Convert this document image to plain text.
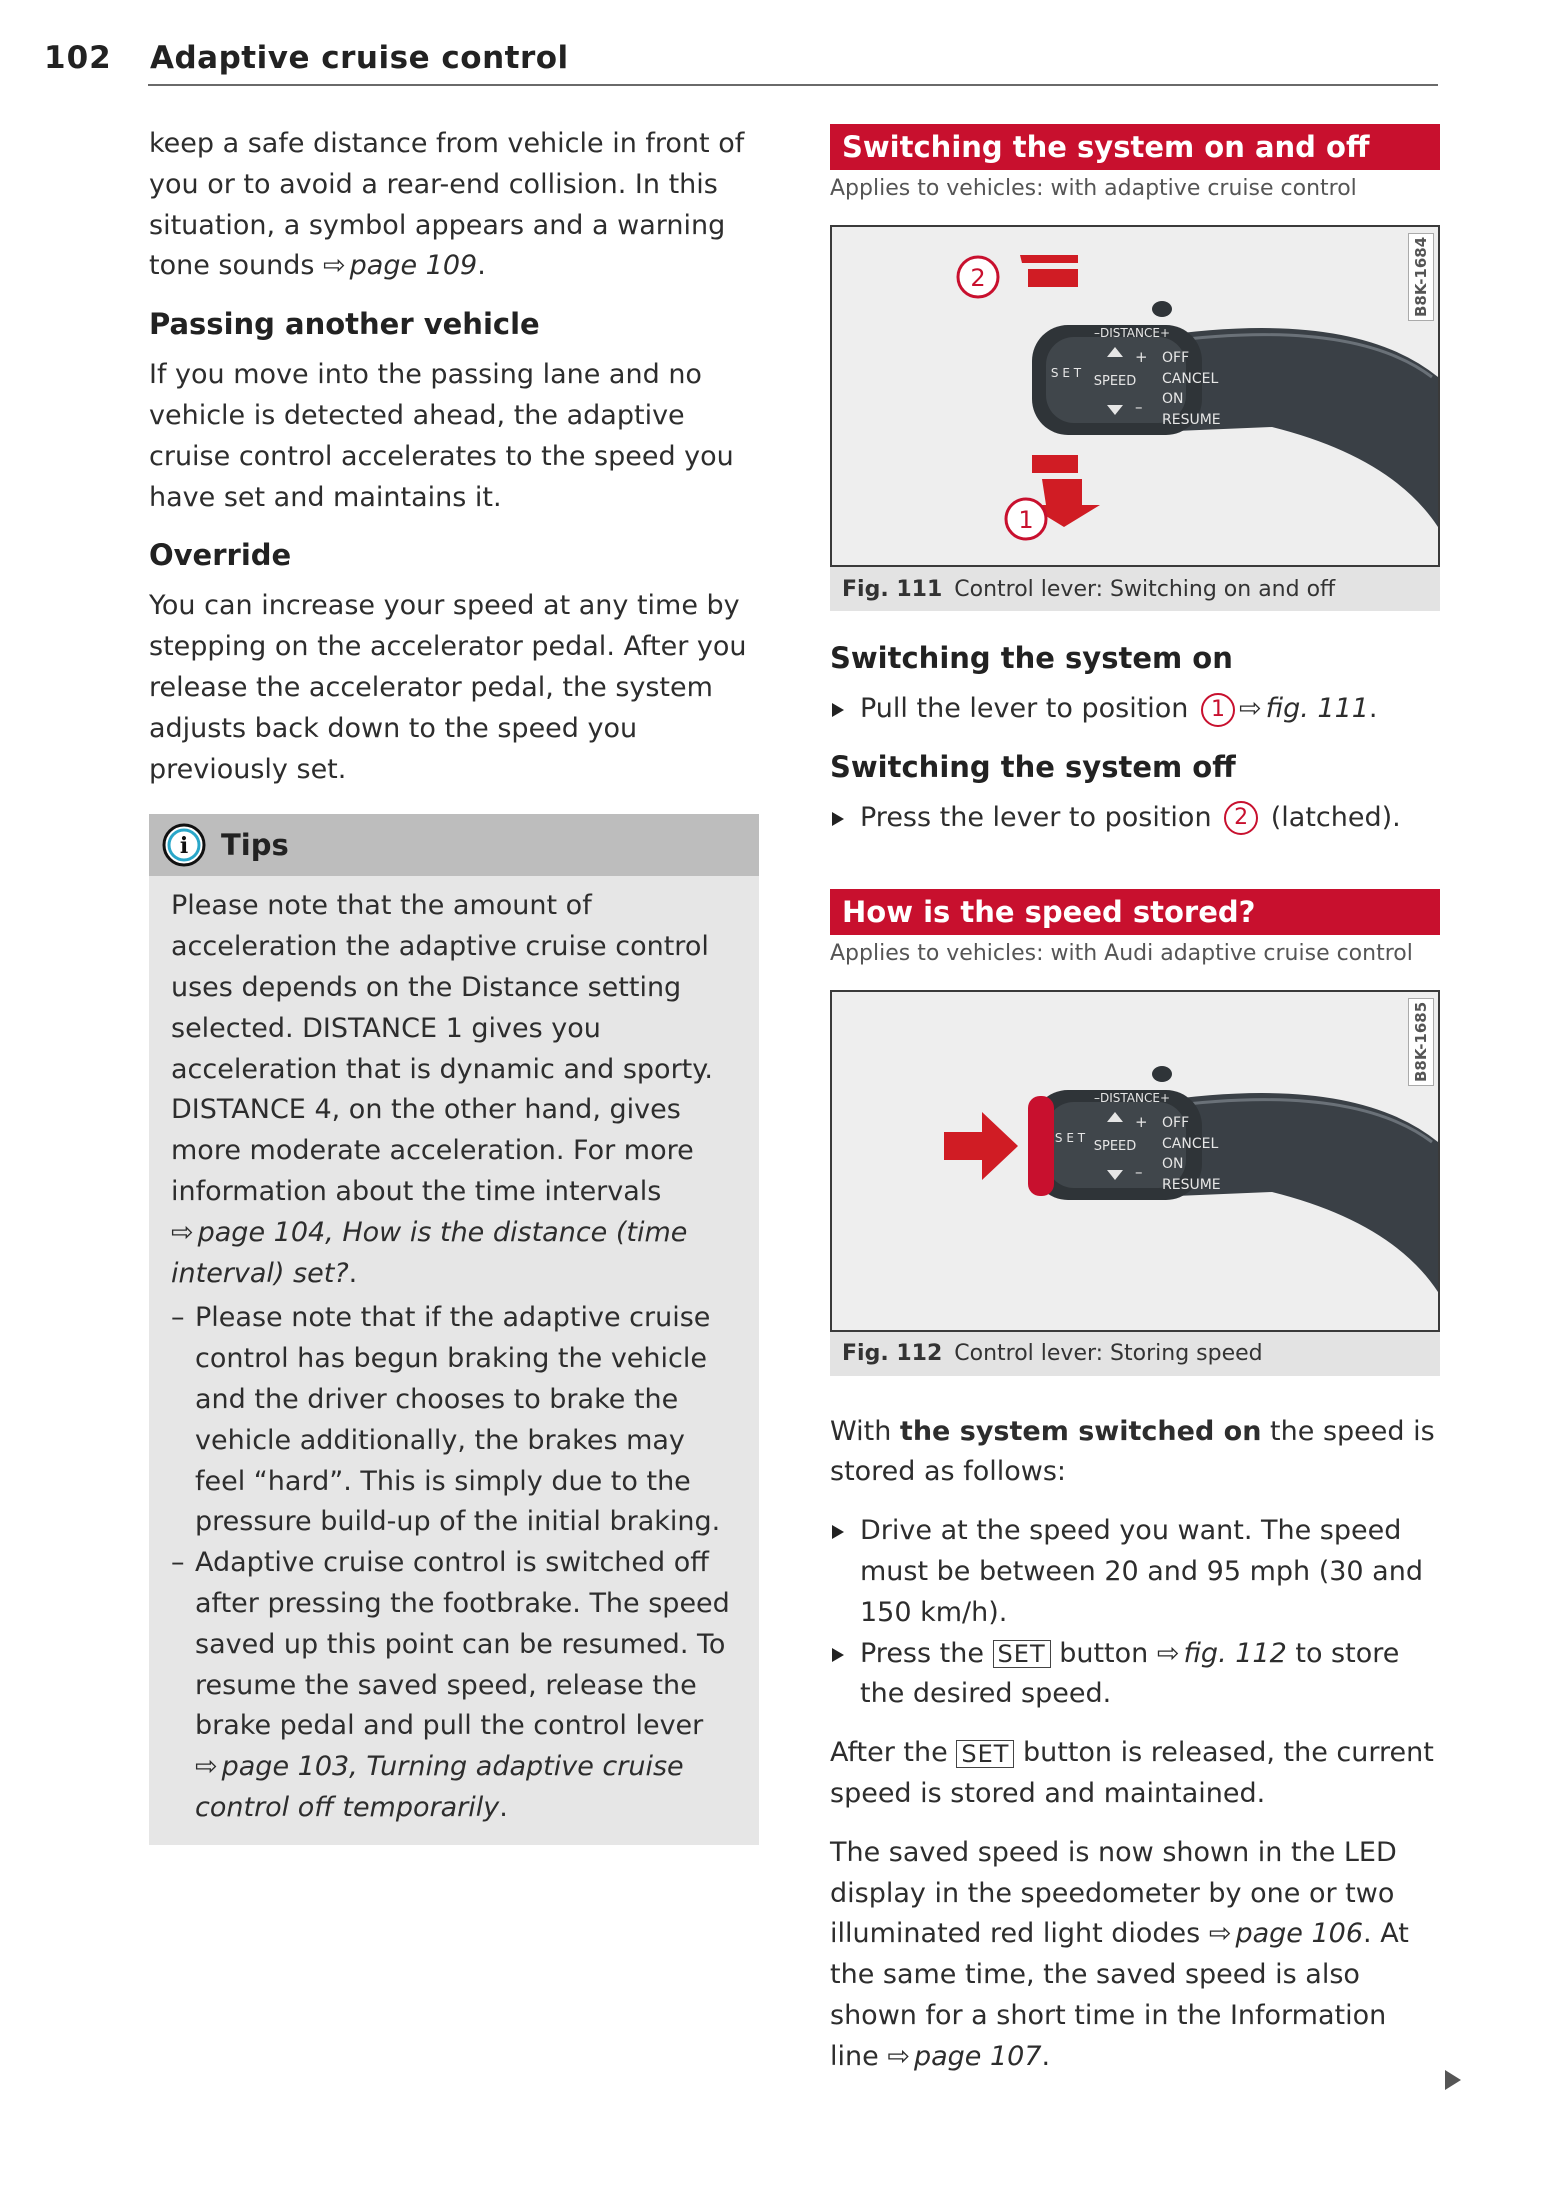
102 Adaptive cruise control

keep a safe distance from vehicle in front of you or to avoid a rear-end collision. In this situation, a symbol appears and a warning tone sounds ⇨ page 109.

Passing another vehicle

If you move into the passing lane and no vehicle is detected ahead, the adaptive cruise control accelerates to the speed you have set and maintains it.

Override

You can increase your speed at any time by stepping on the accelerator pedal. After you release the accelerator pedal, the system adjusts back down to the speed you previously set.

i Tips

Please note that the amount of acceleration the adaptive cruise control uses depends on the Distance setting selected. DISTANCE 1 gives you acceleration that is dynamic and sporty. DISTANCE 4, on the other hand, gives more moderate acceleration. For more information about the time intervals ⇨ page 104, How is the distance (time interval) set?.

– Please note that if the adaptive cruise control has begun braking the vehicle and the driver chooses to brake the vehicle additionally, the brakes may feel “hard”. This is simply due to the pressure build-up of the initial braking.
– Adaptive cruise control is switched off after pressing the footbrake. The speed saved up this point can be resumed. To resume the saved speed, release the brake pedal and pull the control lever ⇨ page 103, Turning adaptive cruise control off temporarily.
Switching the system on and off
Applies to vehicles: with adaptive cruise control
–DISTANCE+
S E T
SPEED
+
–
OFF
CANCEL
ON
RESUME
2
1
B8K-1684
Fig. 111 Control lever: Switching on and off
Switching the system on
Pull the lever to position 1 ⇨ fig. 111.
Switching the system off
Press the lever to position 2 (latched).
How is the speed stored?
Applies to vehicles: with Audi adaptive cruise control
–DISTANCE+
S E T
SPEED
+
–
OFF
CANCEL
ON
RESUME
B8K-1685
Fig. 112 Control lever: Storing speed

With the system switched on the speed is stored as follows:

Drive at the speed you want. The speed must be between 20 and 95 mph (30 and 150 km/h).
Press the SET button ⇨ fig. 112 to store the desired speed.

After the SET button is released, the current speed is stored and maintained.

The saved speed is now shown in the LED display in the speedometer by one or two illuminated red light diodes ⇨ page 106. At the same time, the saved speed is also shown for a short time in the Information line ⇨ page 107.
